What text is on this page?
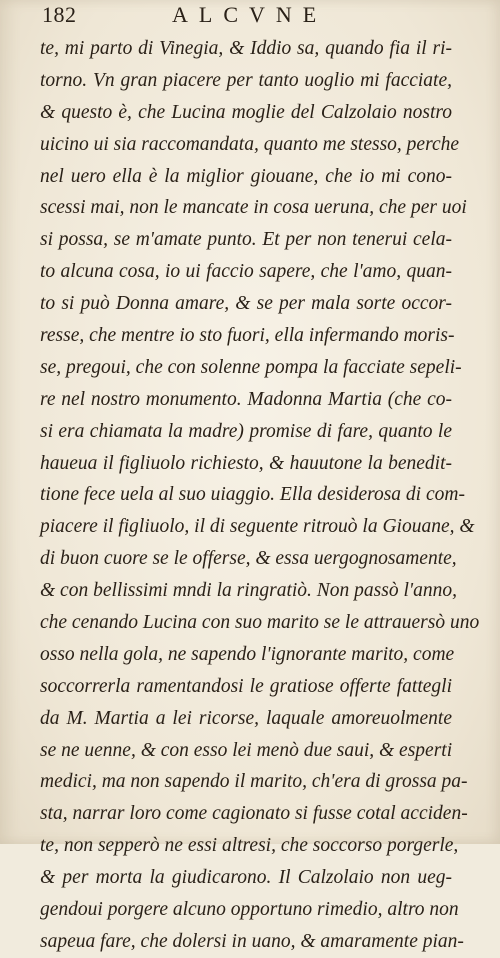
182	ALCVNE
te, mi parto di Vinegia, & Iddio sa, quando fia il ri-
torno. Vn gran piacere per tanto uoglio mi facciate,
& questo è, che Lucina moglie del Calzolaio nostro
uicino ui sia raccomandata, quanto me stesso, perche
nel uero ella è la miglior giouane, che io mi cono-
scessi mai, non le mancate in cosa ueruna, che per uoi
si possa, se m'amate punto. Et per non tenerui cela-
to alcuna cosa, io ui faccio sapere, che l'amo, quan-
to si può Donna amare, & se per mala sorte occor-
resse, che mentre io sto fuori, ella infermando moris-
se, pregoui, che con solenne pompa la facciate sepeli-
re nel nostro monumento. Madonna Martia (che co-
si era chiamata la madre) promise di fare, quanto le
haueua il figliuolo richiesto, & hauutone la benedit-
tione fece uela al suo uiaggio. Ella desiderosa di com-
piacere il figliuolo, il di seguente ritrouò la Giouane, &
di buon cuore se le offerse, & essa uergognosamente,
& con bellissimi mndi la ringratiò. Non passò l'anno,
che cenando Lucina con suo marito se le attrauersò uno
osso nella gola, ne sapendo l'ignorante marito, come
soccorrerla ramentandosi le gratiose offerte fattegli
da M. Martia a lei ricorse, laquale amoreuolmente
se ne uenne, & con esso lei menò due saui, & esperti
medici, ma non sapendo il marito, ch'era di grossa pa-
sta, narrar loro come cagionato si fusse cotal acciden-
te, non sepperò ne essi altresi, che soccorso porgerle,
& per morta la giudicarono. Il Calzolaio non ueg-
gendoui porgere alcuno opportuno rimedio, altro non
sapeua fare, che dolersi in uano, & amaramente pian-
